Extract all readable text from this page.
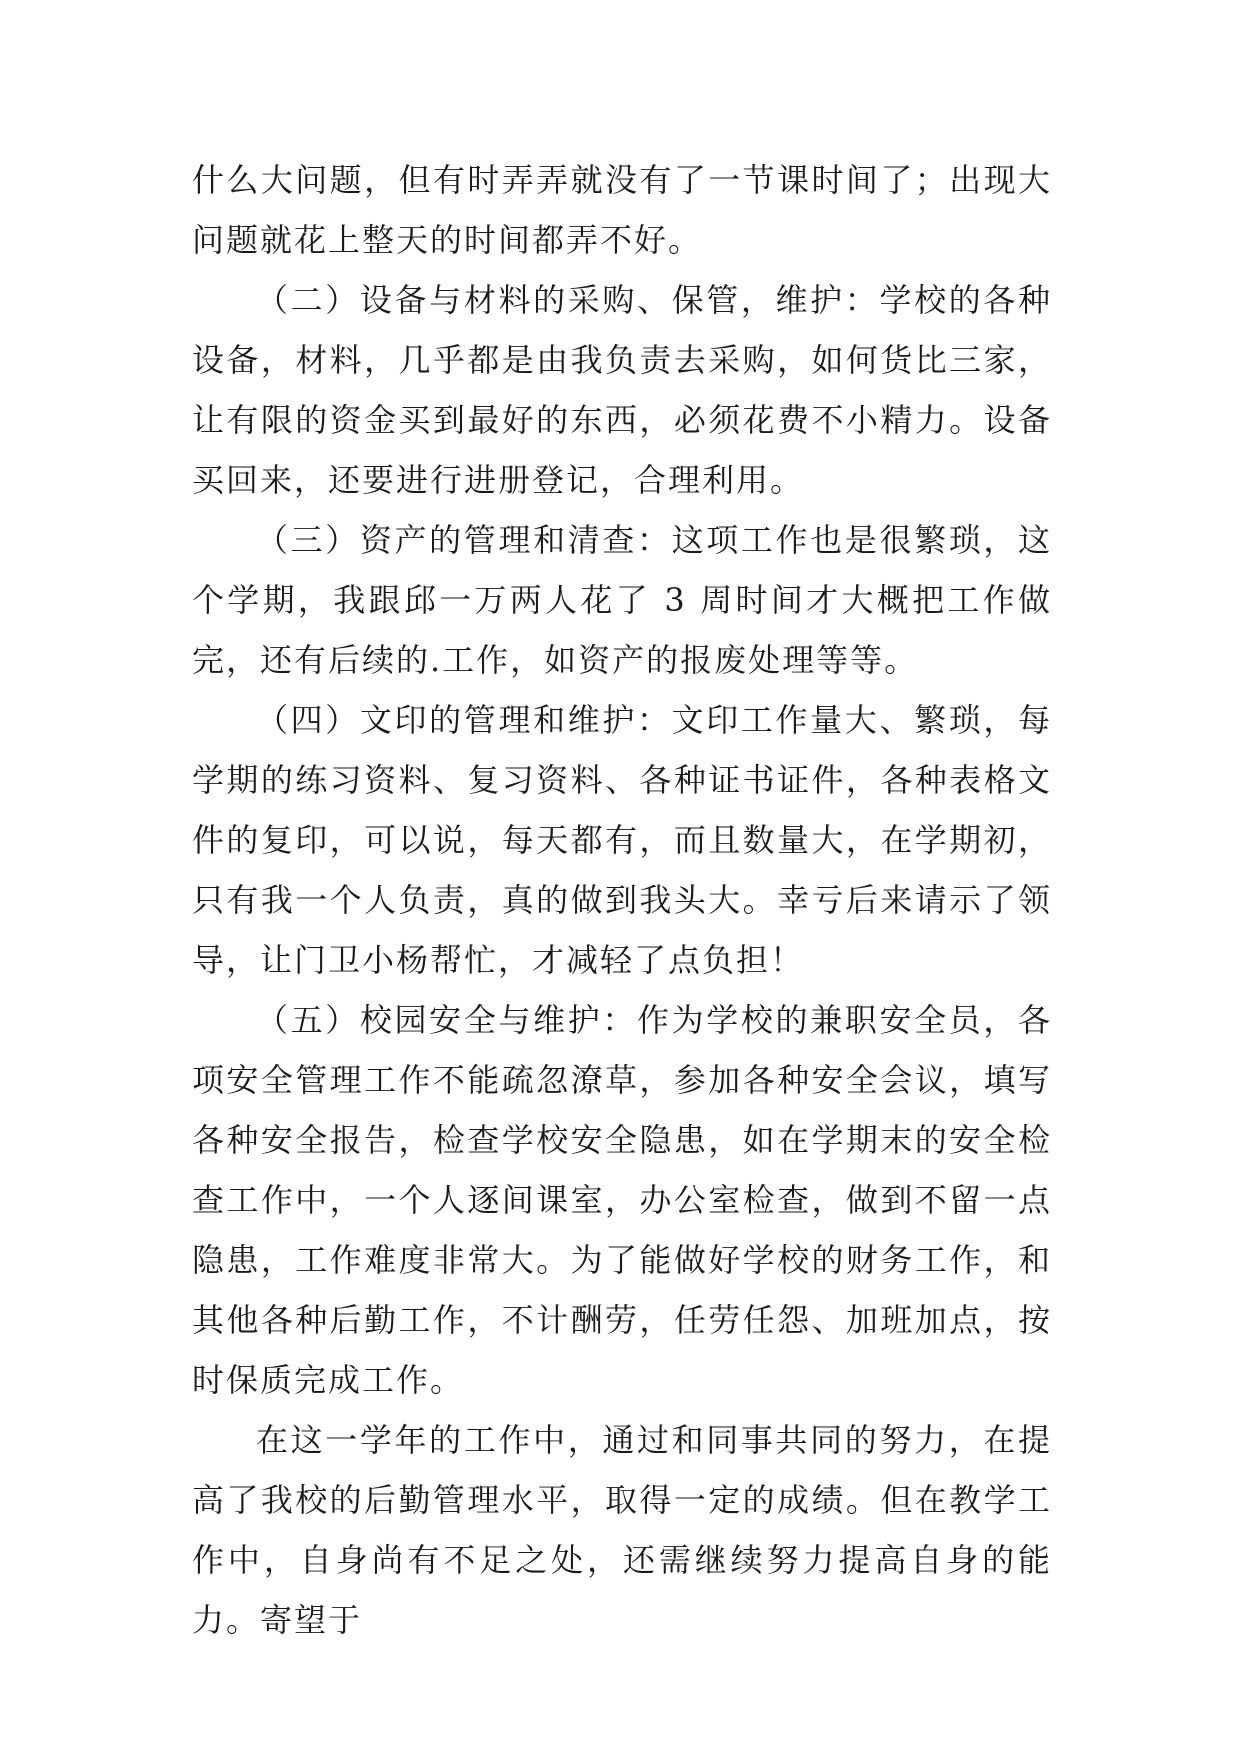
什么大问题，但有时弄弄就没有了一节课时间了；出现大问题就花上整天的时间都弄不好。

（二）设备与材料的采购、保管，维护：学校的各种设备，材料，几乎都是由我负责去采购，如何货比三家，让有限的资金买到最好的东西，必须花费不小精力。设备买回来，还要进行进册登记，合理利用。

（三）资产的管理和清查：这项工作也是很繁琐，这个学期，我跟邱一万两人花了 3 周时间才大概把工作做完，还有后续的.工作，如资产的报废处理等等。

（四）文印的管理和维护：文印工作量大、繁琐，每学期的练习资料、复习资料、各种证书证件，各种表格文件的复印，可以说，每天都有，而且数量大，在学期初，只有我一个人负责，真的做到我头大。幸亏后来请示了领导，让门卫小杨帮忙，才减轻了点负担！

（五）校园安全与维护：作为学校的兼职安全员，各项安全管理工作不能疏忽潦草，参加各种安全会议，填写各种安全报告，检查学校安全隐患，如在学期末的安全检查工作中，一个人逐间课室，办公室检查，做到不留一点隐患，工作难度非常大。为了能做好学校的财务工作，和其他各种后勤工作，不计酬劳，任劳任怨、加班加点，按时保质完成工作。

在这一学年的工作中，通过和同事共同的努力，在提高了我校的后勤管理水平，取得一定的成绩。但在教学工作中，自身尚有不足之处，还需继续努力提高自身的能力。寄望于
